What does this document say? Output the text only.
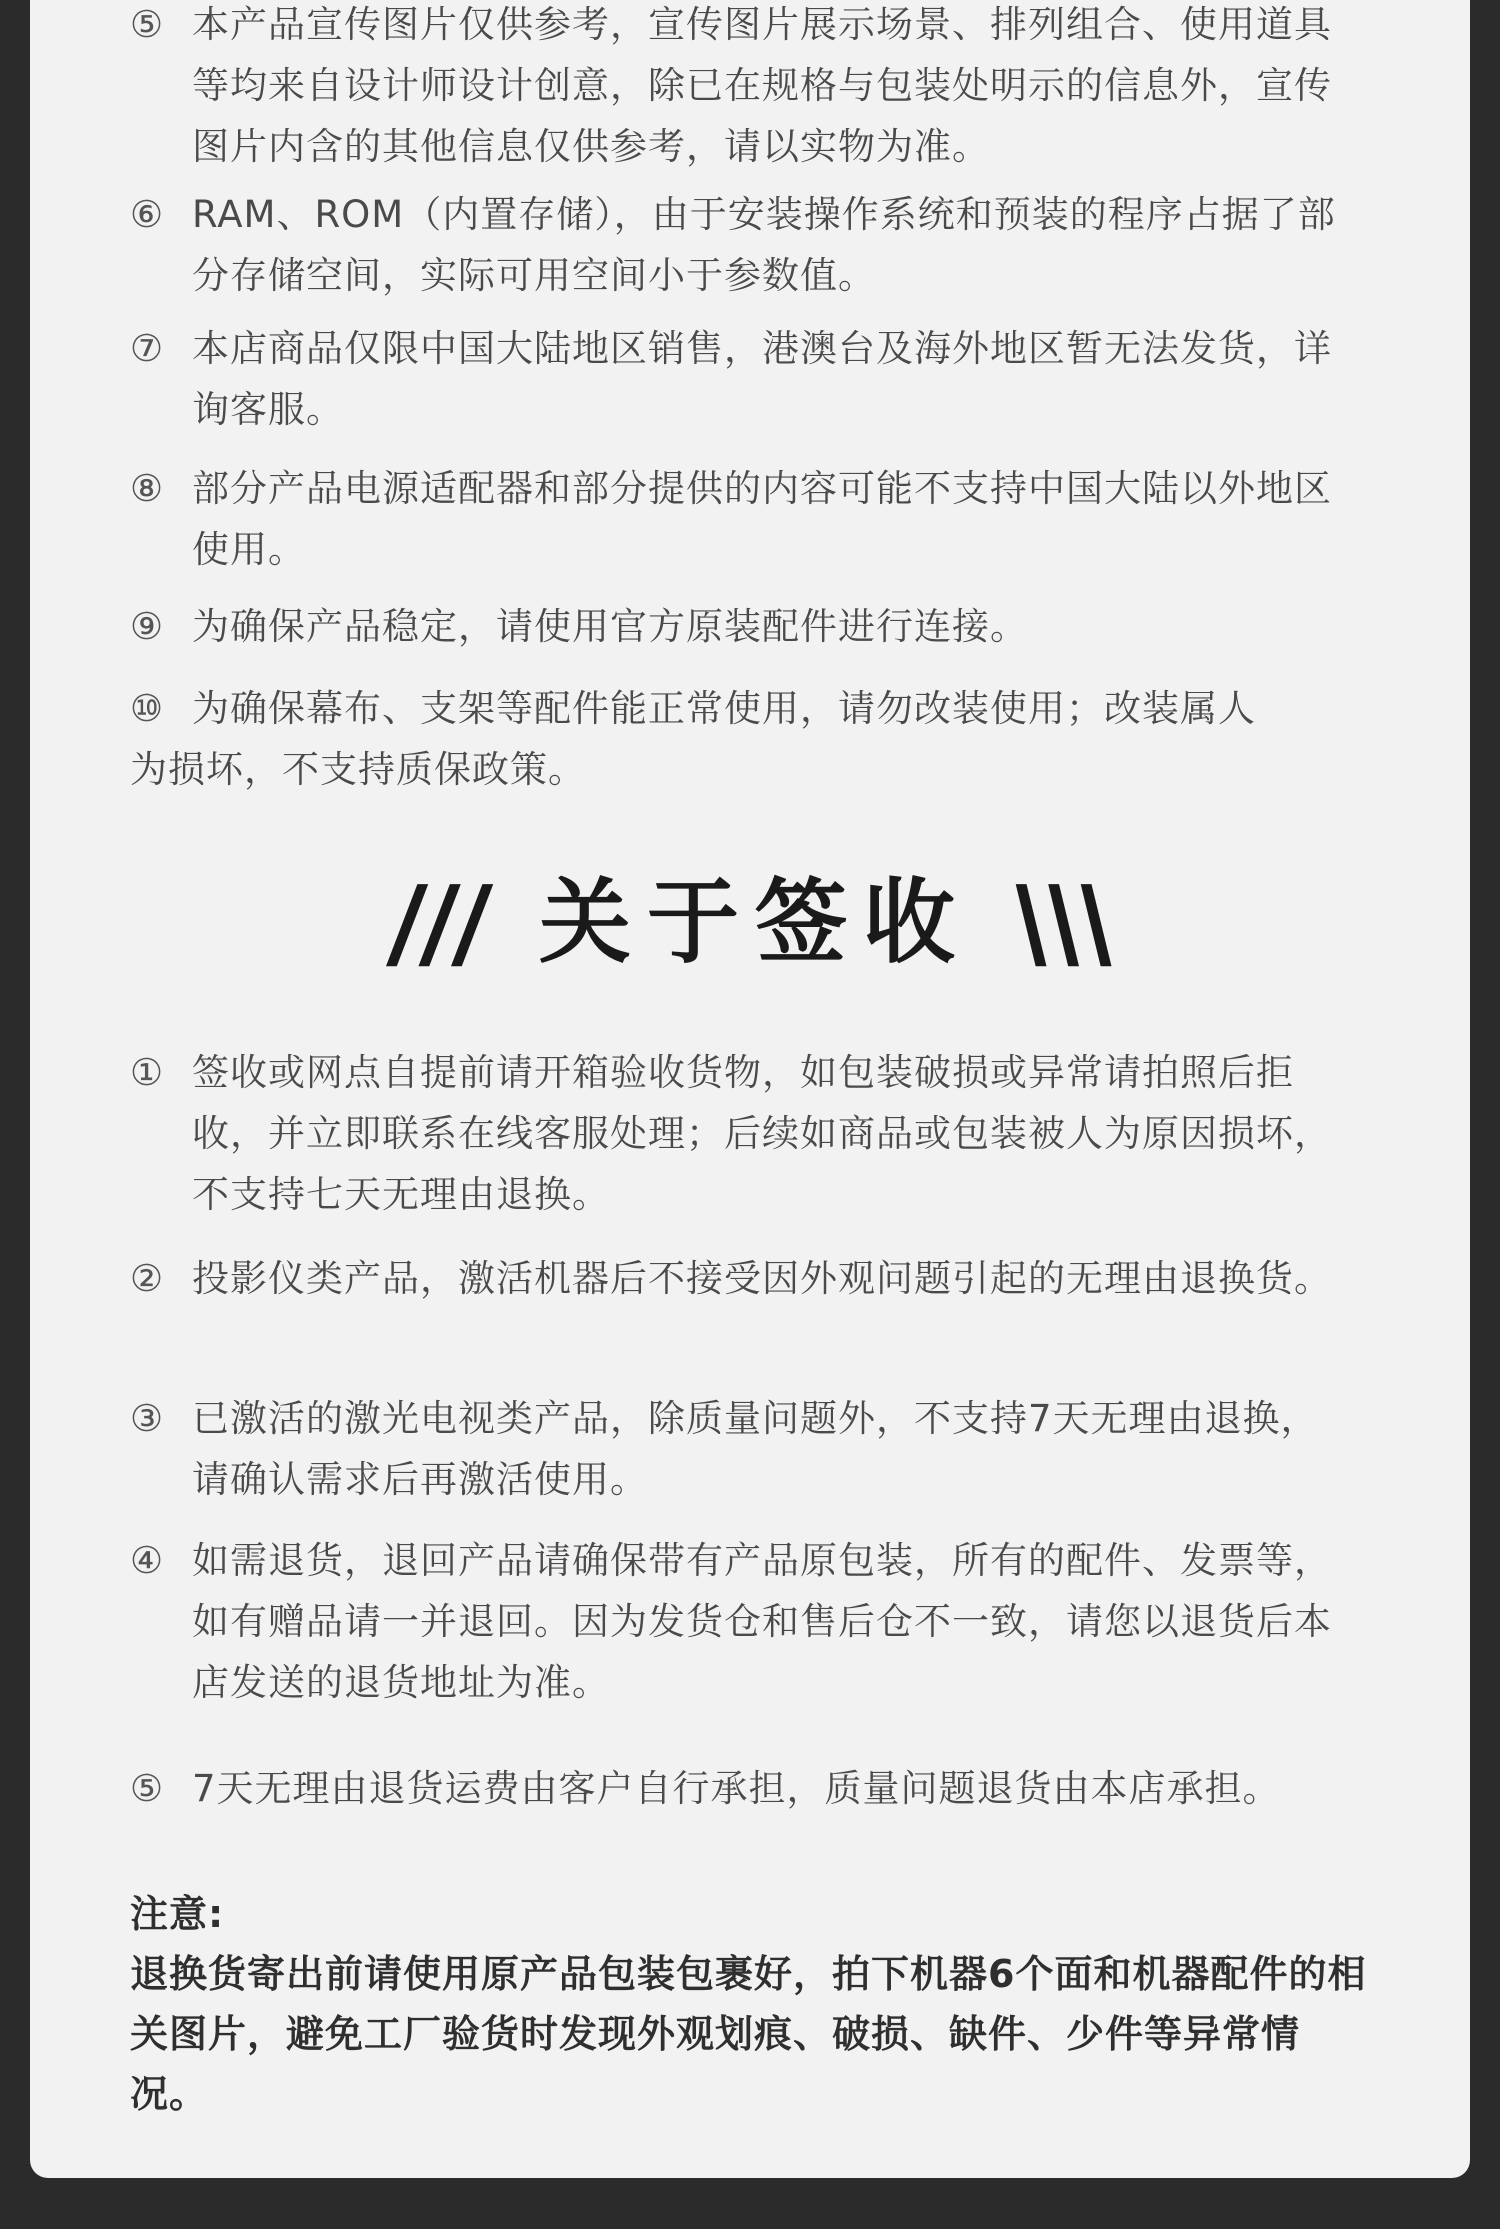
⑤ 本产品宣传图片仅供参考，宣传图片展示场景、排列组合、使用道具等均来自设计师设计创意，除已在规格与包装处明示的信息外，宣传图片内含的其他信息仅供参考，请以实物为准。
⑥ RAM、ROM（内置存储），由于安装操作系统和预装的程序占据了部分存储空间，实际可用空间小于参数值。
⑦ 本店商品仅限中国大陆地区销售，港澳台及海外地区暂无法发货，详询客服。
⑧ 部分产品电源适配器和部分提供的内容可能不支持中国大陆以外地区使用。
⑨ 为确保产品稳定，请使用官方原装配件进行连接。
⑩ 为确保幕布、支架等配件能正常使用，请勿改装使用；改装属人
为损坏，不支持质保政策。
/// 关于签收 \\\
① 签收或网点自提前请开箱验收货物，如包装破损或异常请拍照后拒收，并立即联系在线客服处理；后续如商品或包装被人为原因损坏，不支持七天无理由退换。
② 投影仪类产品，激活机器后不接受因外观问题引起的无理由退换货。
③ 已激活的激光电视类产品，除质量问题外，不支持7天无理由退换，请确认需求后再激活使用。
④ 如需退货，退回产品请确保带有产品原包装，所有的配件、发票等，如有赠品请一并退回。因为发货仓和售后仓不一致，请您以退货后本店发送的退货地址为准。
⑤ 7天无理由退货运费由客户自行承担，质量问题退货由本店承担。
注意:
退换货寄出前请使用原产品包装包裹好，拍下机器6个面和机器配件的相关图片，避免工厂验货时发现外观划痕、破损、缺件、少件等异常情况。
